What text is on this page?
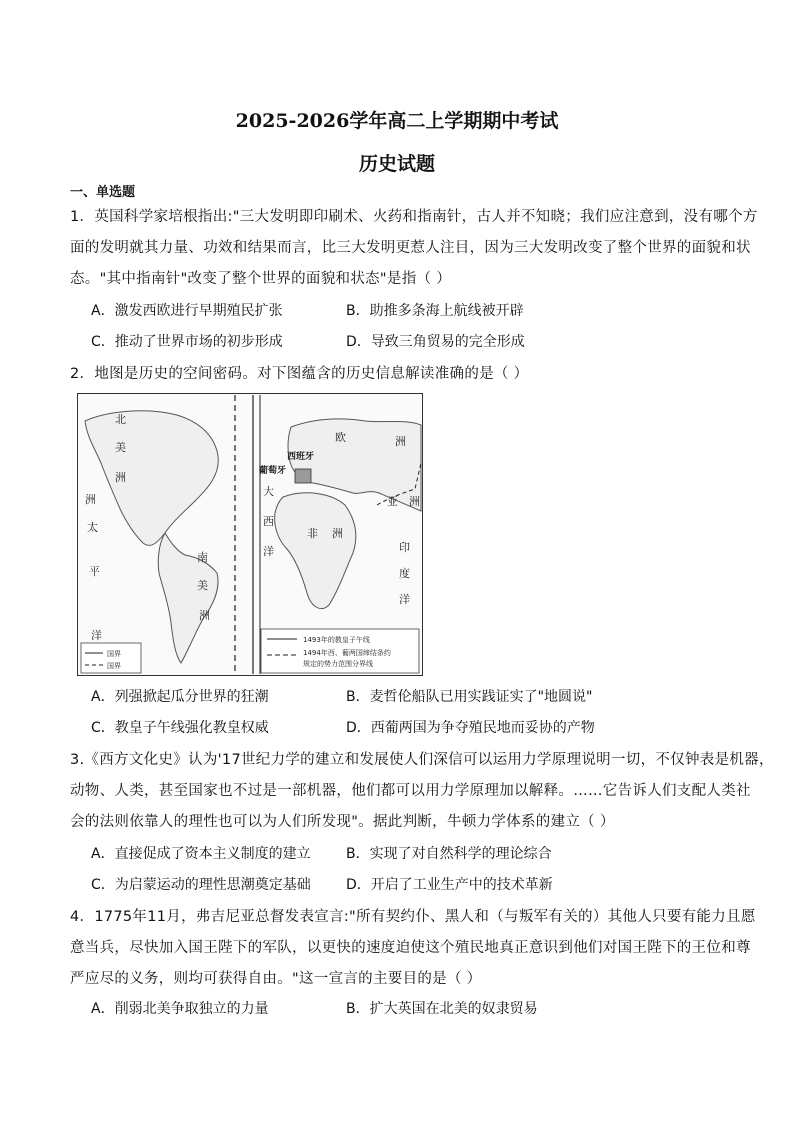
2025-2026学年高二上学期期中考试
历史试题
一、单选题
1．英国科学家培根指出:"三大发明即印刷术、火药和指南针，古人并不知晓；我们应注意到，没有哪个方
面的发明就其力量、功效和结果而言，比三大发明更惹人注目，因为三大发明改变了整个世界的面貌和状
态。"其中指南针"改变了整个世界的面貌和状态"是指（ ）
A．激发西欧进行早期殖民扩张	B．助推多条海上航线被开辟
C．推动了世界市场的初步形成	D．导致三角贸易的完全形成
2．地图是历史的空间密码。对下图蕴含的历史信息解读准确的是（ ）
北
美
洲
洲
太
平
洋
南
美
洲
大
西
洋
欧	洲
亚 洲
非洲
印
度
洋
葡萄牙
西班牙
国界
国界
1493年的教皇子午线
1494年西、葡两国缔结条约
规定的势力范围分界线
A．列强掀起瓜分世界的狂潮	B．麦哲伦船队已用实践证实了"地圆说"
C．教皇子午线强化教皇权威	D．西葡两国为争夺殖民地而妥协的产物
3.《西方文化史》认为'17世纪力学的建立和发展使人们深信可以运用力学原理说明一切，不仅钟表是机器，
动物、人类，甚至国家也不过是一部机器，他们都可以用力学原理加以解释。……它告诉人们支配人类社
会的法则依靠人的理性也可以为人们所发现"。据此判断，牛顿力学体系的建立（ ）
A．直接促成了资本主义制度的建立	B．实现了对自然科学的理论综合
C．为启蒙运动的理性思潮奠定基础	D．开启了工业生产中的技术革新
4．1775年11月，弗吉尼亚总督发表宣言:"所有契约仆、黑人和（与叛军有关的）其他人只要有能力且愿
意当兵，尽快加入国王陛下的军队，以更快的速度迫使这个殖民地真正意识到他们对国王陛下的王位和尊
严应尽的义务，则均可获得自由。"这一宣言的主要目的是（ ）
A．削弱北美争取独立的力量	B．扩大英国在北美的奴隶贸易
